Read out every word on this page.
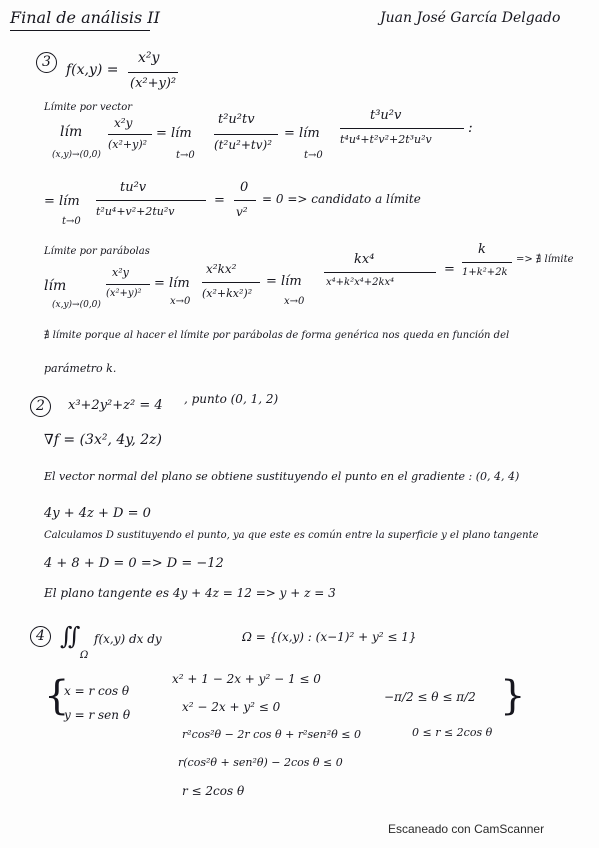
Final de análisis II	Juan José García Delgado
3	f(x,y) =
x²y
(x²+y)²
Límite por vector
lím
(x,y)→(0,0)
x²y
(x²+y)²
= lím
t→0
t²u²tv
(t²u²+tv)²
= lím
t→0
t³u²v
t⁴u⁴+t²v²+2t³u²v
:
= lím
t→0
tu²v
t²u⁴+v²+2tu²v
=
0
v²
= 0 => candidato a límite
Límite por parábolas
lím
(x,y)→(0,0)
x²y
(x²+y)²
= lím
x→0
x²kx²
(x²+kx²)²
= lím
x→0
kx⁴
x⁴+k²x⁴+2kx⁴
=
k
1+k²+2k
=> ∄ límite
∄ límite porque al hacer el límite por parábolas de forma genérica nos queda en función del
parámetro k.
2	x³+2y²+z² = 4 , punto (0, 1, 2)
∇f = (3x², 4y, 2z)
El vector normal del plano se obtiene sustituyendo el punto en el gradiente : (0, 4, 4)
4y + 4z + D = 0
Calculamos D sustituyendo el punto, ya que este es común entre la superficie y el plano tangente
4 + 8 + D = 0 => D = −12
El plano tangente es 4y + 4z = 12 => y + z = 3
4 ∬
Ω
f(x,y) dx dy	Ω = {(x,y) : (x−1)² + y² ≤ 1}
{
x = r cos θ
y = r sen θ
x² + 1 − 2x + y² − 1 ≤ 0
x² − 2x + y² ≤ 0
r²cos²θ − 2r cos θ + r²sen²θ ≤ 0
r(cos²θ + sen²θ) − 2cos θ ≤ 0
r ≤ 2cos θ
−π/2 ≤ θ ≤ π/2
0 ≤ r ≤ 2cos θ
}
Escaneado con CamScanner
